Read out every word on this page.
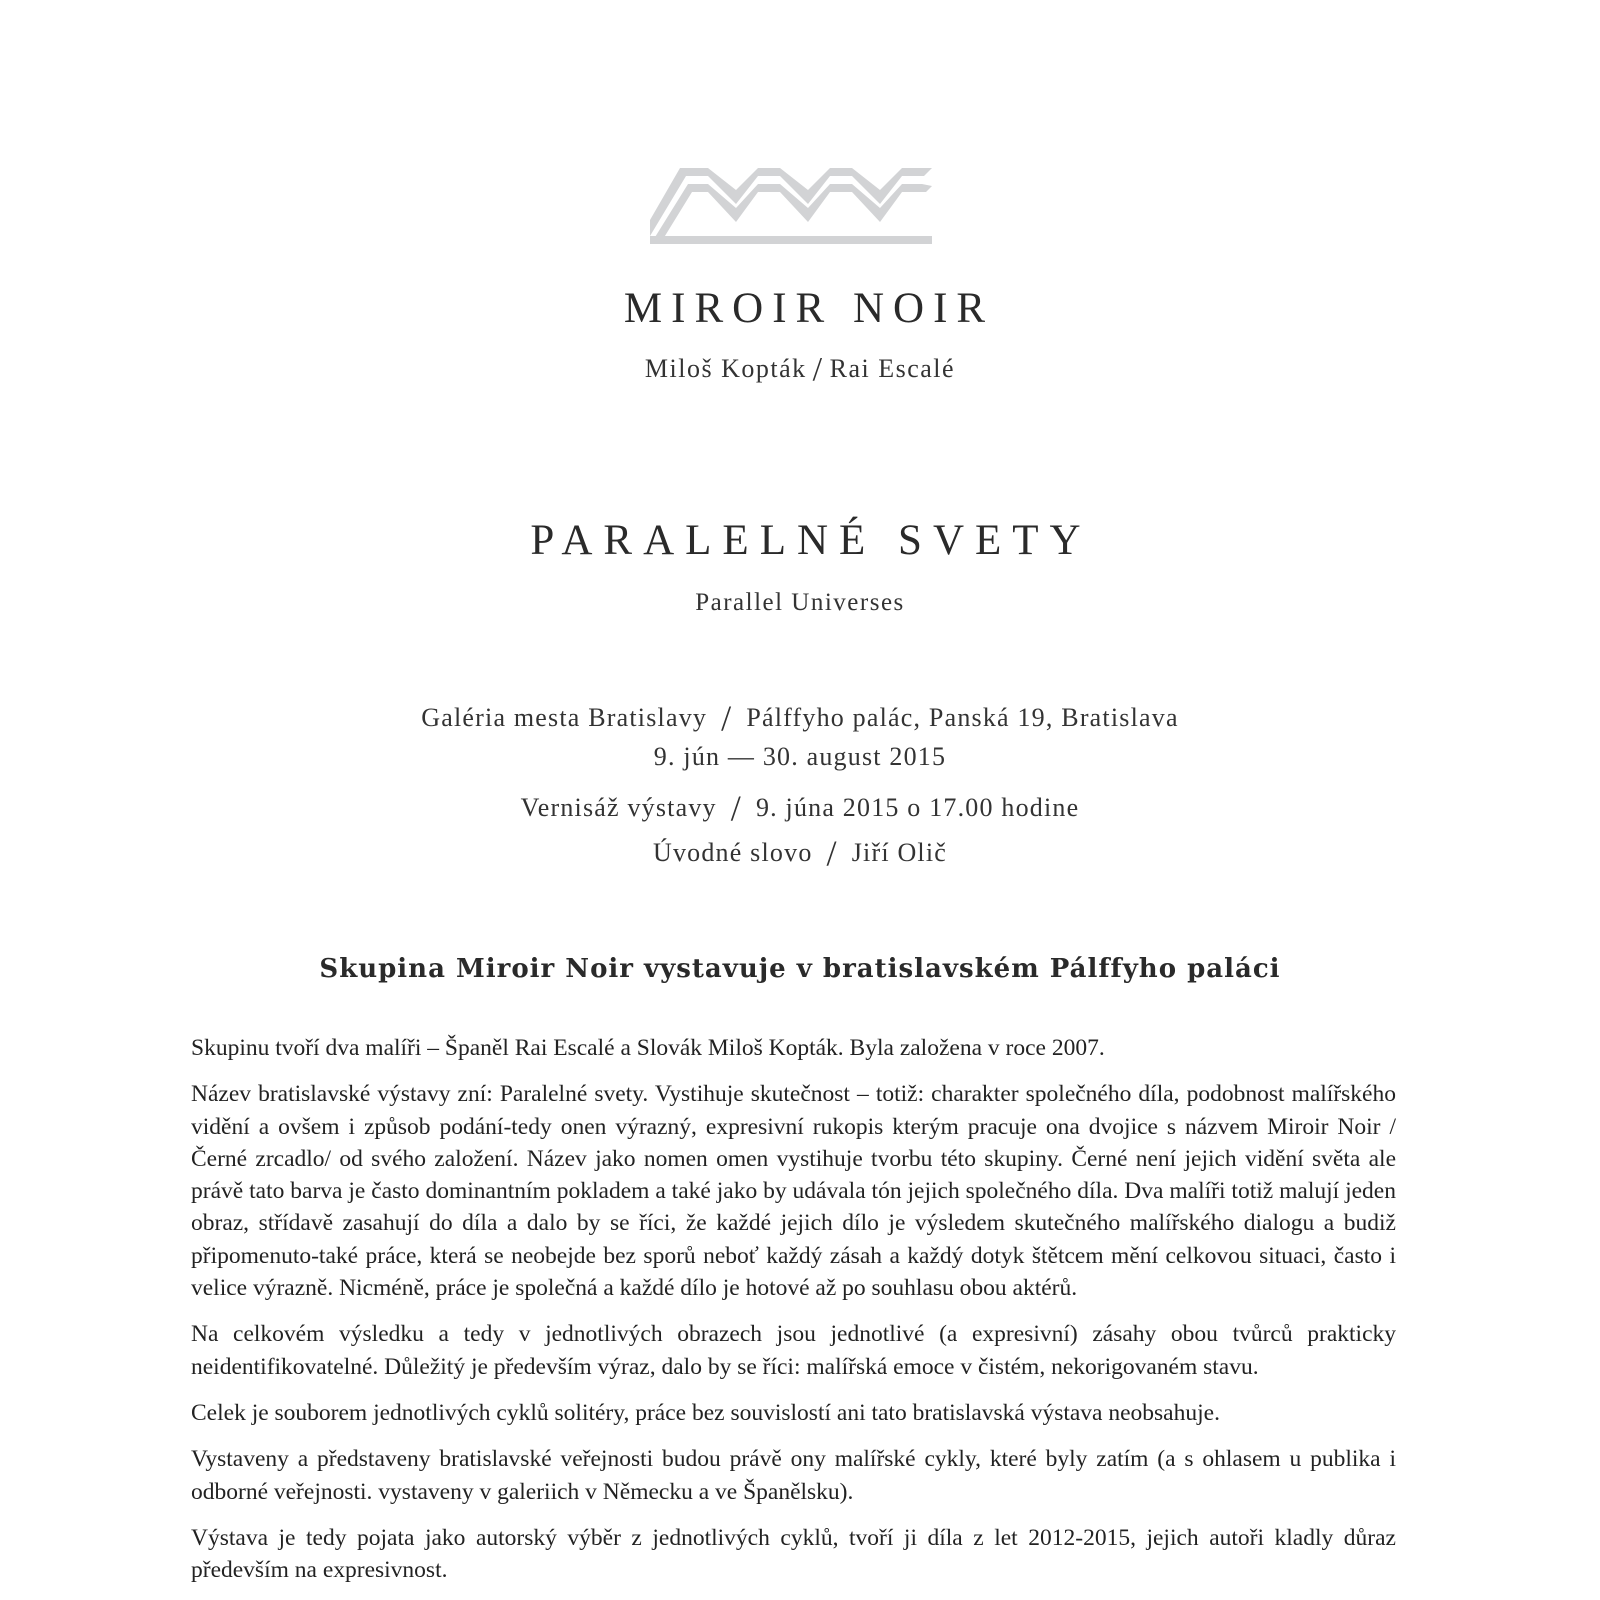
MIROIR NOIR
Miloš Kopták / Rai Escalé
PARALELNÉ SVETY
Parallel Universes
Galéria mesta Bratislavy / Pálffyho palác, Panská 19, Bratislava
9. jún — 30. august 2015
Vernisáž výstavy / 9. júna 2015 o 17.00 hodine
Úvodné slovo / Jiří Olič
Skupina Miroir Noir vystavuje v bratislavském Pálffyho paláci

Skupinu tvoří dva malíři – Španěl Rai Escalé a Slovák Miloš Kopták. Byla založena v roce 2007.

Název bratislavské výstavy zní: Paralelné svety. Vystihuje skutečnost – totiž: charakter společného díla, podobnost malířského vidění a ovšem i způsob podání-tedy onen výrazný, expresivní rukopis kterým pracuje ona dvojice s názvem Miroir Noir /Černé zrcadlo/ od svého založení. Název jako nomen omen vystihuje tvorbu této skupiny. Černé není jejich vidění světa ale právě tato barva je často dominantním pokladem a také jako by udávala tón jejich společného díla. Dva malíři totiž malují jeden obraz, střídavě zasahují do díla a dalo by se říci, že každé jejich dílo je výsledem skutečného malířského dialogu a budiž připomenuto-také práce, která se neobejde bez sporů neboť každý zásah a každý dotyk štětcem mění celkovou situaci, často i velice výrazně. Nicméně, práce je společná a každé dílo je hotové až po souhlasu obou aktérů.

Na celkovém výsledku a tedy v jednotlivých obrazech jsou jednotlivé (a expresivní) zásahy obou tvůrců prakticky neidentifikovatelné. Důležitý je především výraz, dalo by se říci: malířská emoce v čistém, nekorigovaném stavu.

Celek je souborem jednotlivých cyklů solitéry, práce bez souvislostí ani tato bratislavská výstava neobsahuje.

Vystaveny a představeny bratislavské veřejnosti budou právě ony malířské cykly, které byly zatím (a s ohlasem u publika i odborné veřejnosti. vystaveny v galeriich v Německu a ve Španělsku).

Výstava je tedy pojata jako autorský výběr z jednotlivých cyklů, tvoří ji díla z let 2012-2015, jejich autoři kladly důraz především na expresivnost.
